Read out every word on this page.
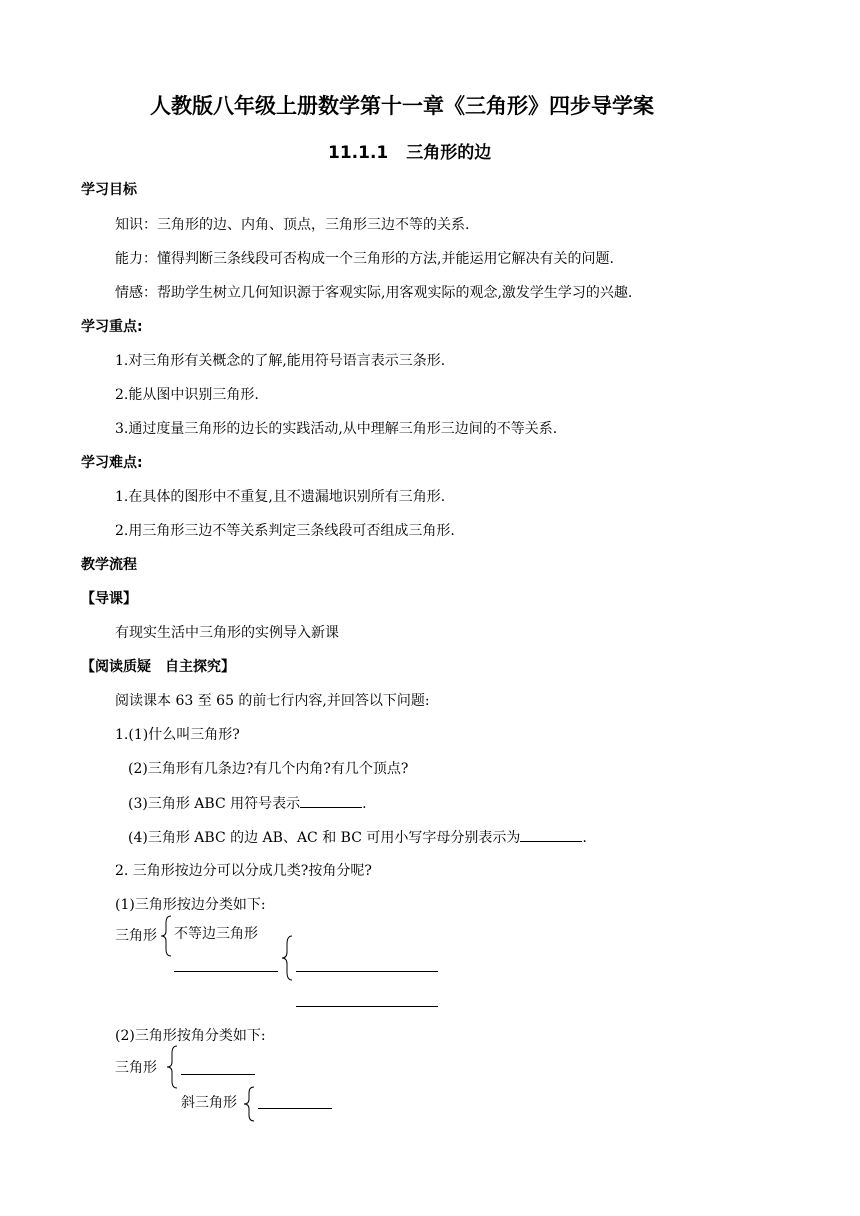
人教版八年级上册数学第十一章《三角形》四步导学案
11.1.1 三角形的边
学习目标
知识：三角形的边、内角、顶点，三角形三边不等的关系.
能力：懂得判断三条线段可否构成一个三角形的方法,并能运用它解决有关的问题.
情感：帮助学生树立几何知识源于客观实际,用客观实际的观念,激发学生学习的兴趣.
学习重点:
1.对三角形有关概念的了解,能用符号语言表示三条形.
2.能从图中识别三角形.
3.通过度量三角形的边长的实践活动,从中理解三角形三边间的不等关系.
学习难点:
1.在具体的图形中不重复,且不遗漏地识别所有三角形.
2.用三角形三边不等关系判定三条线段可否组成三角形.
教学流程
【导课】
有现实生活中三角形的实例导入新课
【阅读质疑　自主探究】
阅读课本 63 至 65 的前七行内容,并回答以下问题:
1.(1)什么叫三角形?
(2)三角形有几条边?有几个内角?有几个顶点?
(3)三角形 ABC 用符号表示	.
(4)三角形 ABC 的边 AB、AC 和 BC 可用小写字母分别表示为	.
2. 三角形按边分可以分成几类?按角分呢?
(1)三角形按边分类如下:
三角形 不等边三角形
(2)三角形按角分类如下:
三角形
斜三角形
